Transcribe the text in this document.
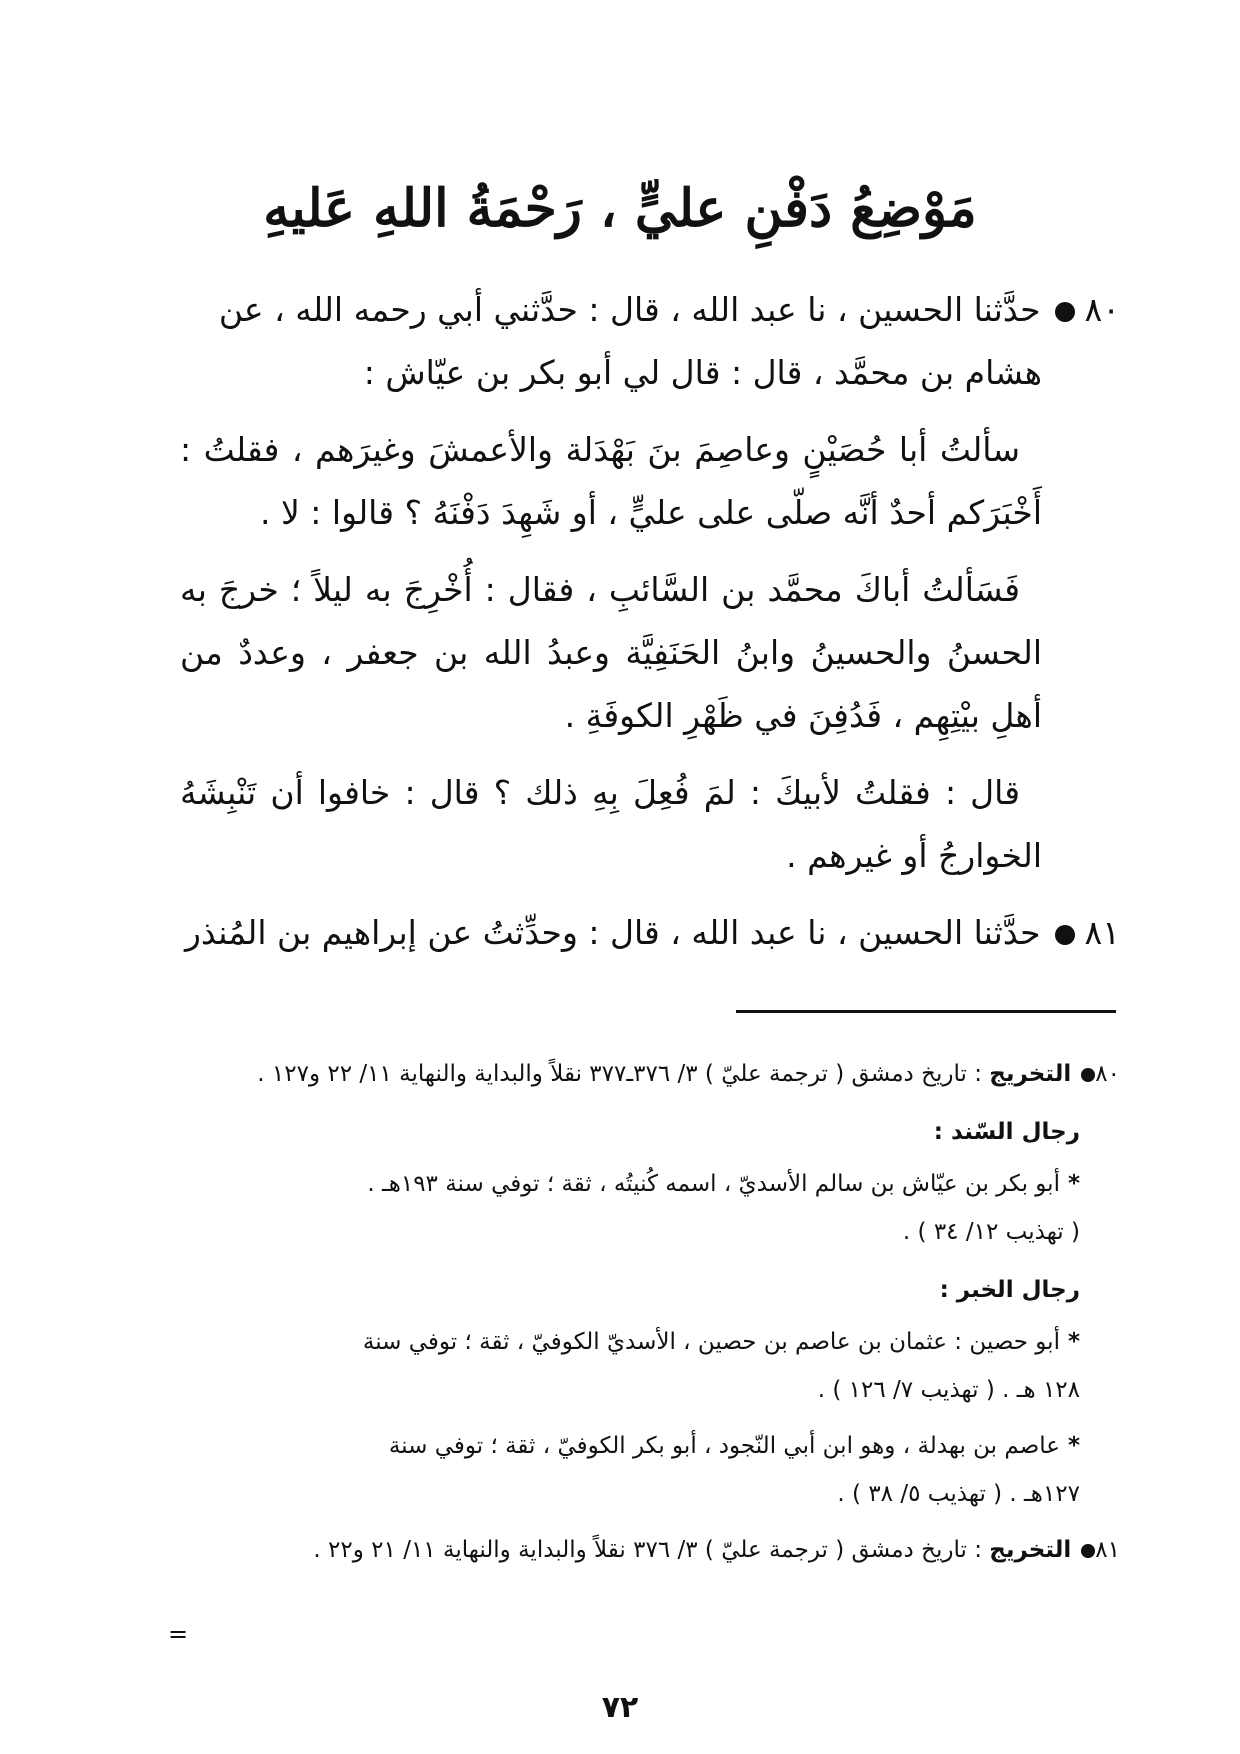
مَوْضِعُ دَفْنِ عليٍّ ، رَحْمَةُ اللهِ عَليهِ
٨٠حدَّثنا الحسين ، نا عبد الله ، قال : حدَّثني أبي رحمه الله ، عن
هشام بن محمَّد ، قال : قال لي أبو بكر بن عيّاش :
سألتُ أبا حُصَيْنٍ وعاصِمَ بنَ بَهْدَلة والأعمشَ وغيرَهم ، فقلتُ : أَخْبَرَكم أحدٌ أنَّه صلّى على عليٍّ ، أو شَهِدَ دَفْنَهُ ؟ قالوا : لا .
فَسَألتُ أباكَ محمَّد بن السَّائبِ ، فقال : أُخْرِجَ به ليلاً ؛ خرجَ به الحسنُ والحسينُ وابنُ الحَنَفِيَّة وعبدُ الله بن جعفر ، وعددٌ من أهلِ بيْتِهِم ، فَدُفِنَ في ظَهْرِ الكوفَةِ .
قال : فقلتُ لأبيكَ : لمَ فُعِلَ بِهِ ذلك ؟ قال : خافوا أن تَنْبِشَهُ الخوارجُ أو غيرهم .
٨١حدَّثنا الحسين ، نا عبد الله ، قال : وحدِّثتُ عن إبراهيم بن المُنذر
٨٠التخريج : تاريخ دمشق ( ترجمة عليّ ) ٣/ ٣٧٦ـ٣٧٧ نقلاً والبداية والنهاية ١١/ ٢٢ و١٢٧ .
رجال السّند :
*أبو بكر بن عيّاش بن سالم الأسديّ ، اسمه كُنيتُه ، ثقة ؛ توفي سنة ١٩٣هـ .
( تهذيب ١٢/ ٣٤ ) .
رجال الخبر :
*أبو حصين : عثمان بن عاصم بن حصين ، الأسديّ الكوفيّ ، ثقة ؛ توفي سنة
١٢٨ هـ . ( تهذيب ٧/ ١٢٦ ) .
*عاصم بن بهدلة ، وهو ابن أبي النّجود ، أبو بكر الكوفيّ ، ثقة ؛ توفي سنة
١٢٧هـ . ( تهذيب ٥/ ٣٨ ) .
٨١التخريج : تاريخ دمشق ( ترجمة عليّ ) ٣/ ٣٧٦ نقلاً والبداية والنهاية ١١/ ٢١ و٢٢ .
=
٧٢
